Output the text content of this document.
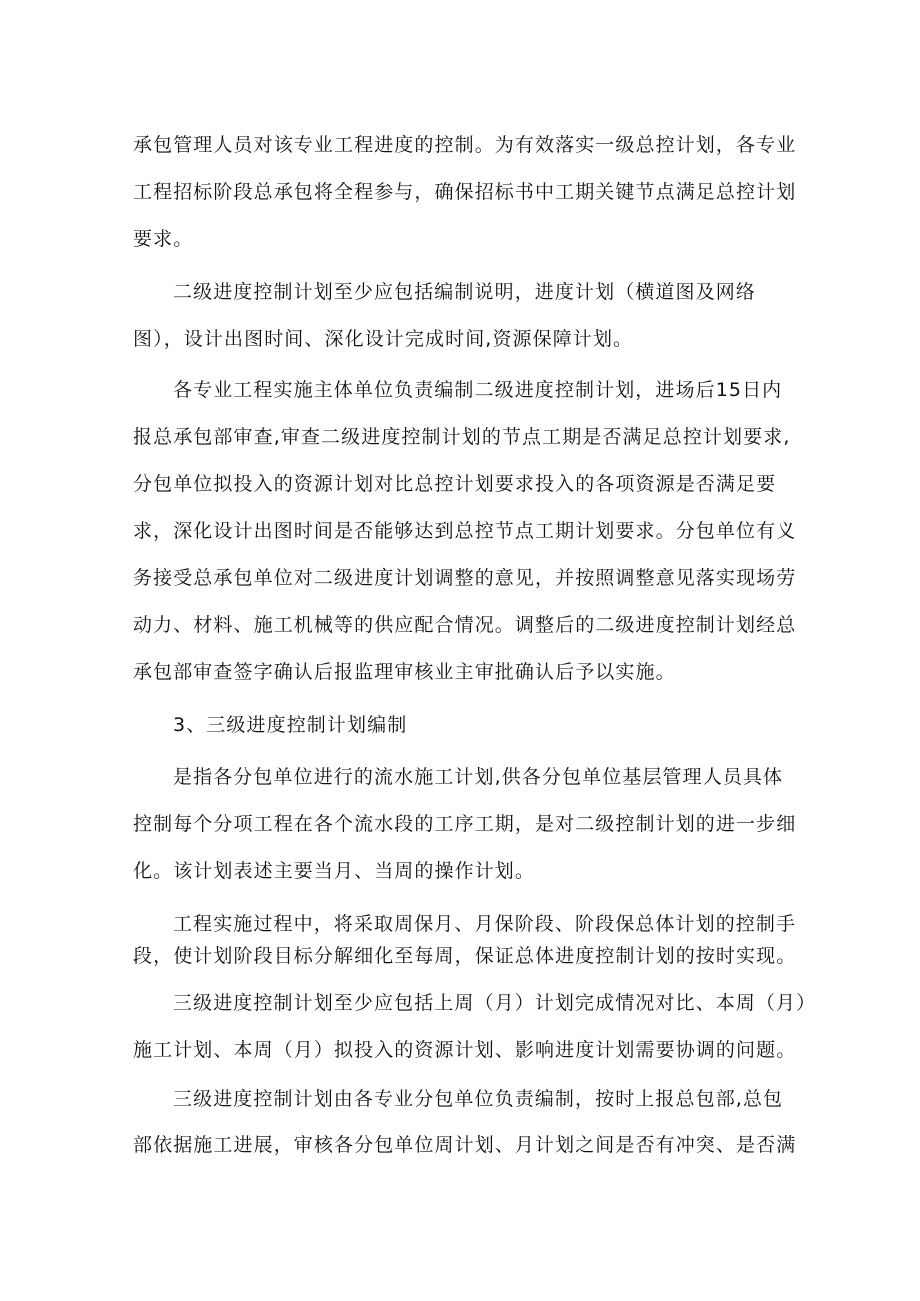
承包管理人员对该专业工程进度的控制。为有效落实一级总控计划，各专业
工程招标阶段总承包将全程参与，确保招标书中工期关键节点满足总控计划
要求。
二级进度控制计划至少应包括编制说明，进度计划（横道图及网络
图），设计出图时间、深化设计完成时间,资源保障计划。
各专业工程实施主体单位负责编制二级进度控制计划，进场后15日内
报总承包部审查,审查二级进度控制计划的节点工期是否满足总控计划要求,
分包单位拟投入的资源计划对比总控计划要求投入的各项资源是否满足要
求，深化设计出图时间是否能够达到总控节点工期计划要求。分包单位有义
务接受总承包单位对二级进度计划调整的意见，并按照调整意见落实现场劳
动力、材料、施工机械等的供应配合情况。调整后的二级进度控制计划经总
承包部审查签字确认后报监理审核业主审批确认后予以实施。
3、三级进度控制计划编制
是指各分包单位进行的流水施工计划,供各分包单位基层管理人员具体
控制每个分项工程在各个流水段的工序工期，是对二级控制计划的进一步细
化。该计划表述主要当月、当周的操作计划。
工程实施过程中，将采取周保月、月保阶段、阶段保总体计划的控制手
段，使计划阶段目标分解细化至每周，保证总体进度控制计划的按时实现。
三级进度控制计划至少应包括上周（月）计划完成情况对比、本周（月）
施工计划、本周（月）拟投入的资源计划、影响进度计划需要协调的问题。
三级进度控制计划由各专业分包单位负责编制，按时上报总包部,总包
部依据施工进展，审核各分包单位周计划、月计划之间是否有冲突、是否满
